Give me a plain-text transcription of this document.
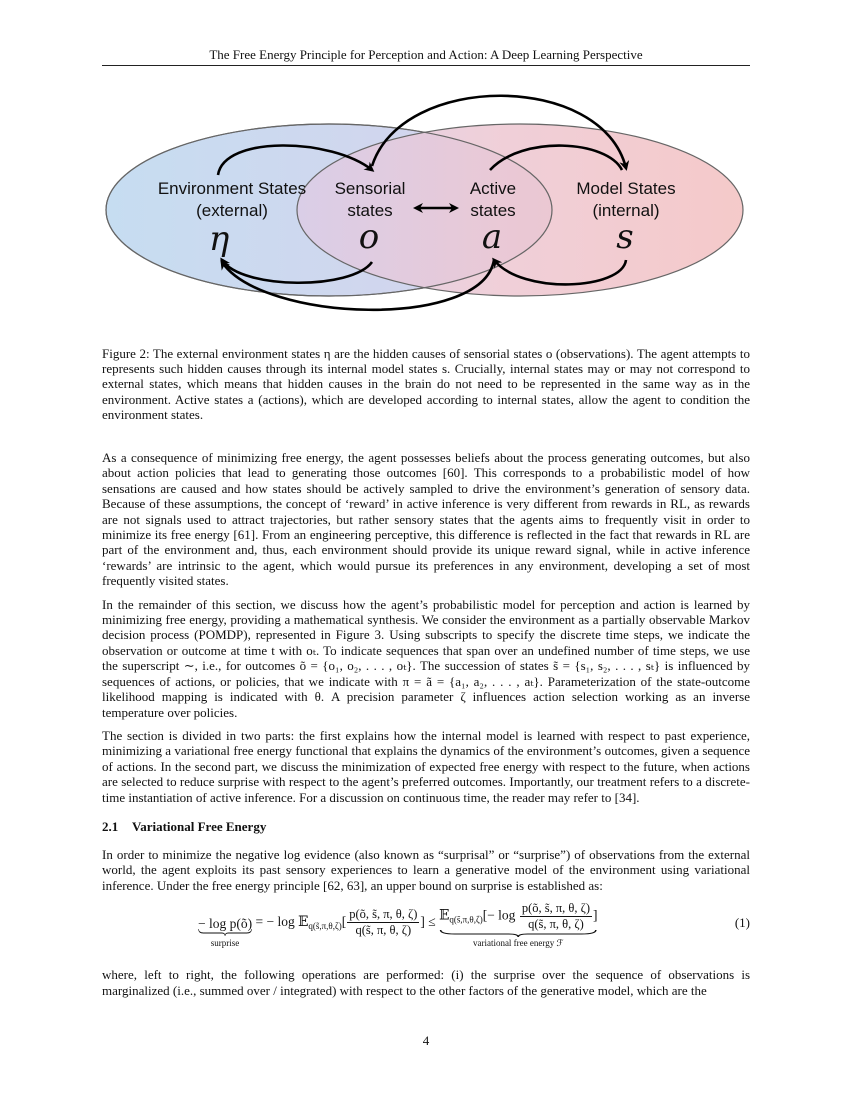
The Free Energy Principle for Perception and Action: A Deep Learning Perspective
Environment States
(external)
Sensorial
states
Active
states
Model States
(internal)
η	o	a	s

Figure 2: The external environment states η are the hidden causes of sensorial states o (observations). The agent attempts to represents such hidden causes through its internal model states s. Crucially, internal states may or may not correspond to external states, which means that hidden causes in the brain do not need to be represented in the same way as in the environment. Active states a (actions), which are developed according to internal states, allow the agent to condition the environment states.

As a consequence of minimizing free energy, the agent possesses beliefs about the process generating outcomes, but also about action policies that lead to generating those outcomes [60]. This corresponds to a probabilistic model of how sensations are caused and how states should be actively sampled to drive the environment’s generation of sensory data. Because of these assumptions, the concept of ‘reward’ in active inference is very different from rewards in RL, as rewards are not signals used to attract trajectories, but rather sensory states that the agents aims to frequently visit in order to minimize its free energy [61]. From an engineering perceptive, this difference is reflected in the fact that rewards in RL are part of the environment and, thus, each environment should provide its unique reward signal, while in active inference ‘rewards’ are intrinsic to the agent, which would pursue its preferences in any environment, developing a set of most frequently visited states.

In the remainder of this section, we discuss how the agent’s probabilistic model for perception and action is learned by minimizing free energy, providing a mathematical synthesis. We consider the environment as a partially observable Markov decision process (POMDP), represented in Figure 3. Using subscripts to specify the discrete time steps, we indicate the observation or outcome at time t with oₜ. To indicate sequences that span over an undefined number of time steps, we use the superscript ∼, i.e., for outcomes õ = {o₁, o₂, . . . , oₜ}. The succession of states s̃ = {s₁, s₂, . . . , sₜ} is influenced by sequences of actions, or policies, that we indicate with π = ã = {a₁, a₂, . . . , aₜ}. Parameterization of the state-outcome likelihood mapping is indicated with θ. A precision parameter ζ influences action selection working as an inverse temperature over policies.

The section is divided in two parts: the first explains how the internal model is learned with respect to past experience, minimizing a variational free energy functional that explains the dynamics of the environment’s outcomes, given a sequence of actions. In the second part, we discuss the minimization of expected free energy with respect to the future, when actions are selected to reduce surprise with respect to the agent’s preferred outcomes. Importantly, our treatment refers to a discrete-time instantiation of active inference. For a discussion on continuous time, the reader may refer to [34].

2.1 Variational Free Energy

In order to minimize the negative log evidence (also known as “surprisal” or “surprise”) of observations from the external world, the agent exploits its past sensory experiences to learn a generative model of the environment using variational inference. Under the free energy principle [62, 63], an upper bound on surprise is established as:

− log p(õ)
surprise
= − log 𝔼$_{q(s̃,\pi,\theta,\zeta)}$[ $\frac{p(õ, s̃, \pi, \theta, \zeta)}{q(s̃, \pi, \theta, \zeta)}$ ] ≤ 𝔼$_{q(s̃,\pi,\theta,\zeta)}$[− $\log \frac{p(õ, s̃, \pi, \theta, \zeta)}{q(s̃, \pi, \theta, \zeta)}$ ]
variational free energy ℱ
(1)

where, left to right, the following operations are performed: (i) the surprise over the sequence of observations is marginalized (i.e., summed over / integrated) with respect to the other factors of the generative model, which are the

4
